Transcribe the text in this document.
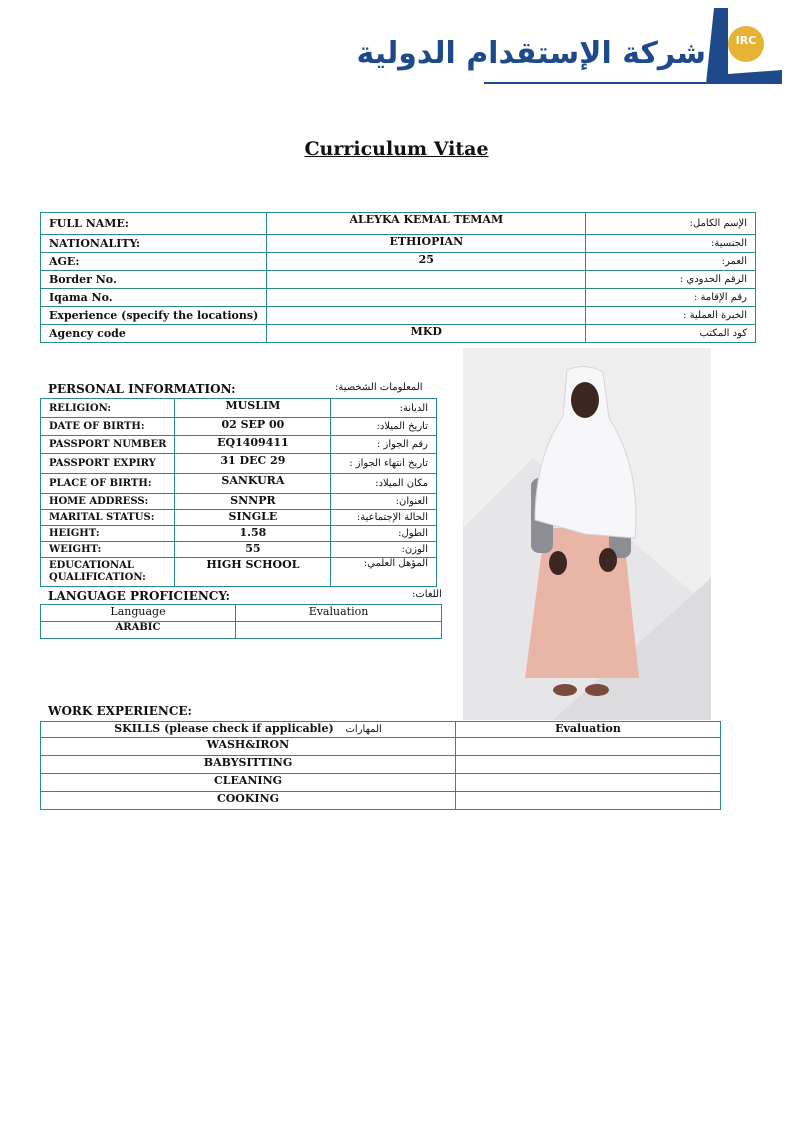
شركة الإستقدام الدولية	IRC
Curriculum Vitae
FULL NAME:	ALEYKA KEMAL TEMAM	الإسم الكامل:
NATIONALITY:	ETHIOPIAN	الجنسية:
AGE:	25	العمر:
Border No.		الرقم الحدودي :
Iqama No.		رقم الإقامة :
Experience (specify the locations)		الخبرة العملية :
Agency code	MKD	كود المكتب
PERSONAL INFORMATION:	المعلومات الشخصية:
RELIGION:	MUSLIM	الديانة:
DATE OF BIRTH:	02 SEP 00	تاريخ الميلاد:
PASSPORT NUMBER	EQ1409411	رقم الجواز :
PASSPORT EXPIRY	31 DEC 29	تاريخ انتهاء الجواز :
PLACE OF BIRTH:	SANKURA	مكان الميلاد:
HOME ADDRESS:	SNNPR	العنوان:
MARITAL STATUS:	SINGLE	الحالة الإجتماعية:
HEIGHT:	1.58	الطول:
WEIGHT:	55	الوزن:
EDUCATIONAL QUALIFICATION:	HIGH SCHOOL	المؤهل العلمي:
LANGUAGE PROFICIENCY:	اللغات:
Language	Evaluation
ARABIC	
WORK EXPERIENCE:
SKILLS (please check if applicable) المهارات	Evaluation
WASH&IRON	
BABYSITTING	
CLEANING	
COOKING	
